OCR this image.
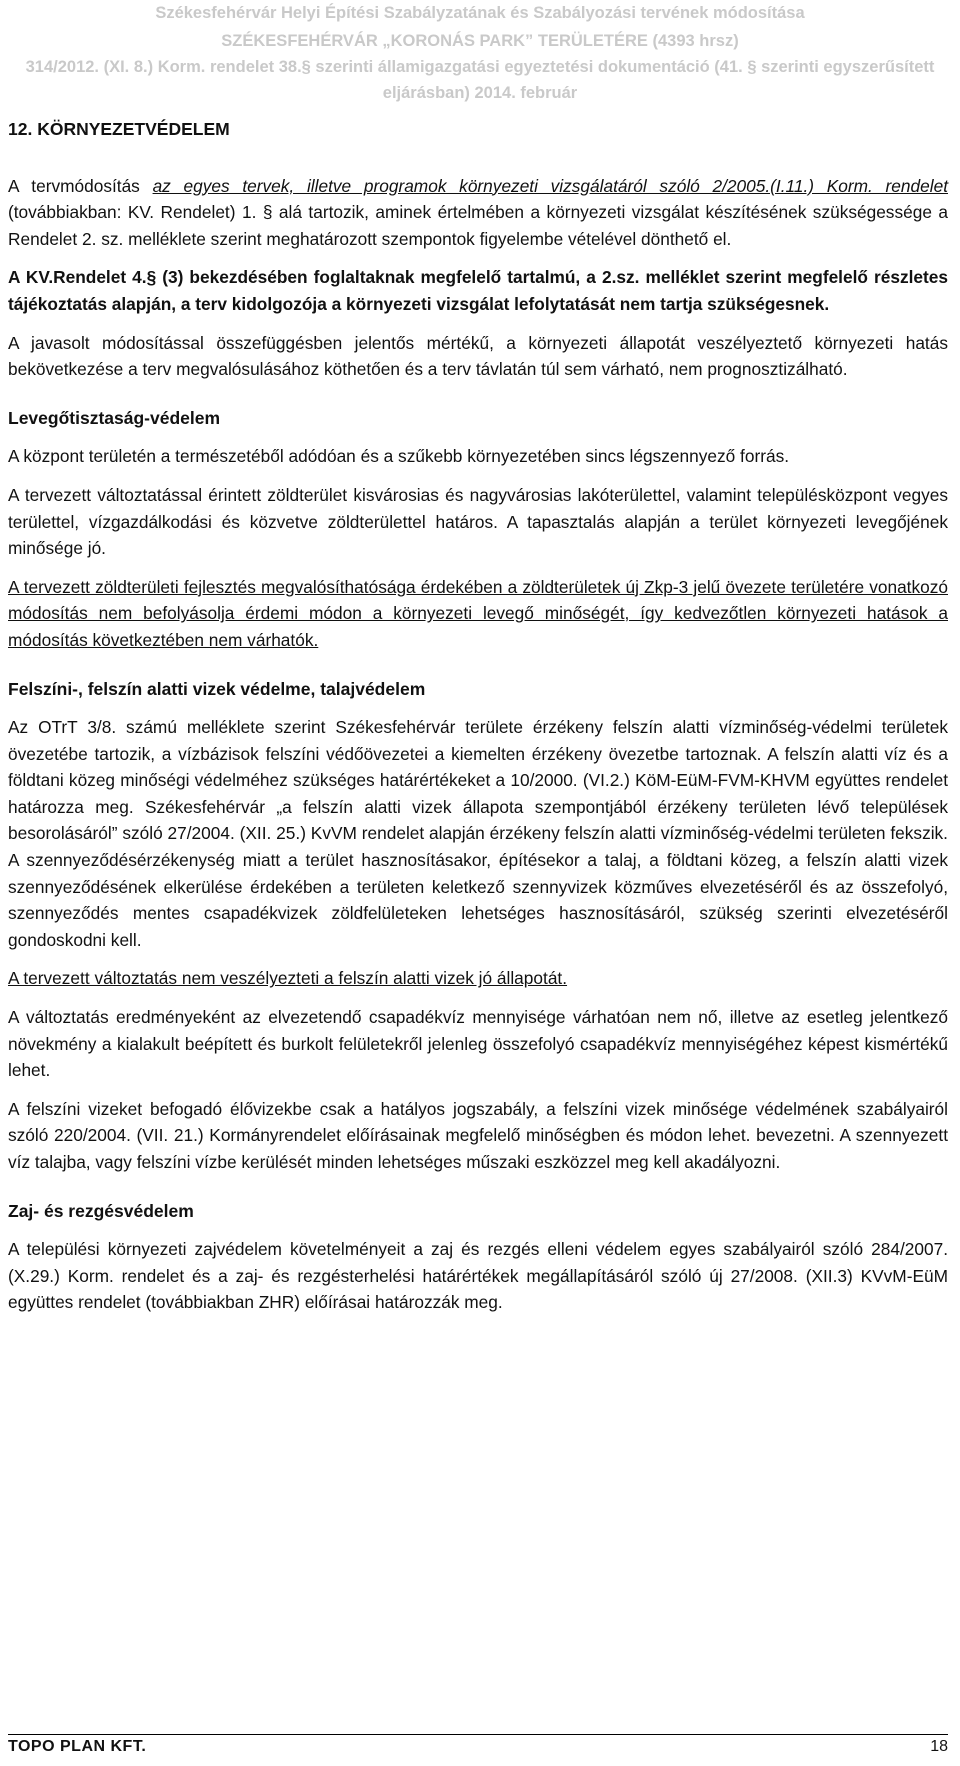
Székesfehérvár Helyi Építési Szabályzatának és Szabályozási tervének módosítása
SZÉKESFEHÉRVÁR „KORONÁS PARK” TERÜLETÉRE (4393 hrsz)
314/2012. (XI. 8.) Korm. rendelet 38.§ szerinti államigazgatási egyeztetési dokumentáció (41. § szerinti egyszerűsített
eljárásban) 2014. február
12. KÖRNYEZETVÉDELEM

A tervmódosítás az egyes tervek, illetve programok környezeti vizsgálatáról szóló 2/2005.(I.11.) Korm. rendelet (továbbiakban: KV. Rendelet) 1. § alá tartozik, aminek értelmében a környezeti vizsgálat készítésének szükségessége a Rendelet 2. sz. melléklete szerint meghatározott szempontok figyelembe vételével dönthető el.

A KV.Rendelet 4.§ (3) bekezdésében foglaltaknak megfelelő tartalmú, a 2.sz. melléklet szerint megfelelő részletes tájékoztatás alapján, a terv kidolgozója a környezeti vizsgálat lefolytatását nem tartja szükségesnek.

A javasolt módosítással összefüggésben jelentős mértékű, a környezeti állapotát veszélyeztető környezeti hatás bekövetkezése a terv megvalósulásához köthetően és a terv távlatán túl sem várható, nem prognosztizálható.

Levegőtisztaság-védelem

A központ területén a természetéből adódóan és a szűkebb környezetében sincs légszennyező forrás.

A tervezett változtatással érintett zöldterület kisvárosias és nagyvárosias lakóterülettel, valamint településközpont vegyes területtel, vízgazdálkodási és közvetve zöldterülettel határos. A tapasztalás alapján a terület környezeti levegőjének minősége jó.

A tervezett zöldterületi fejlesztés megvalósíthatósága érdekében a zöldterületek új Zkp-3 jelű övezete területére vonatkozó módosítás nem befolyásolja érdemi módon a környezeti levegő minőségét, így kedvezőtlen környezeti hatások a módosítás következtében nem várhatók.

Felszíni-, felszín alatti vizek védelme, talajvédelem

Az OTrT 3/8. számú melléklete szerint Székesfehérvár területe érzékeny felszín alatti vízminőség-védelmi területek övezetébe tartozik, a vízbázisok felszíni védőövezetei a kiemelten érzékeny övezetbe tartoznak. A felszín alatti víz és a földtani közeg minőségi védelméhez szükséges határértékeket a 10/2000. (VI.2.) KöM-EüM-FVM-KHVM együttes rendelet határozza meg. Székesfehérvár „a felszín alatti vizek állapota szempontjából érzékeny területen lévő települések besorolásáról” szóló 27/2004. (XII. 25.) KvVM rendelet alapján érzékeny felszín alatti vízminőség-védelmi területen fekszik. A szennyeződésérzékenység miatt a terület hasznosításakor, építésekor a talaj, a földtani közeg, a felszín alatti vizek szennyeződésének elkerülése érdekében a területen keletkező szennyvizek közműves elvezetéséről és az összefolyó, szennyeződés mentes csapadékvizek zöldfelületeken lehetséges hasznosításáról, szükség szerinti elvezetéséről gondoskodni kell.

A tervezett változtatás nem veszélyezteti a felszín alatti vizek jó állapotát.

A változtatás eredményeként az elvezetendő csapadékvíz mennyisége várhatóan nem nő, illetve az esetleg jelentkező növekmény a kialakult beépített és burkolt felületekről jelenleg összefolyó csapadékvíz mennyiségéhez képest kismértékű lehet.

A felszíni vizeket befogadó élővizekbe csak a hatályos jogszabály, a felszíni vizek minősége védelmének szabályairól szóló 220/2004. (VII. 21.) Kormányrendelet előírásainak megfelelő minőségben és módon lehet. bevezetni. A szennyezett víz talajba, vagy felszíni vízbe kerülését minden lehetséges műszaki eszközzel meg kell akadályozni.

Zaj- és rezgésvédelem

A települési környezeti zajvédelem követelményeit a zaj és rezgés elleni védelem egyes szabályairól szóló 284/2007. (X.29.) Korm. rendelet és a zaj- és rezgésterhelési határértékek megállapításáról szóló új 27/2008. (XII.3) KVvM-EüM együttes rendelet (továbbiakban ZHR) előírásai határozzák meg.

TOPO PLAN KFT.	18
